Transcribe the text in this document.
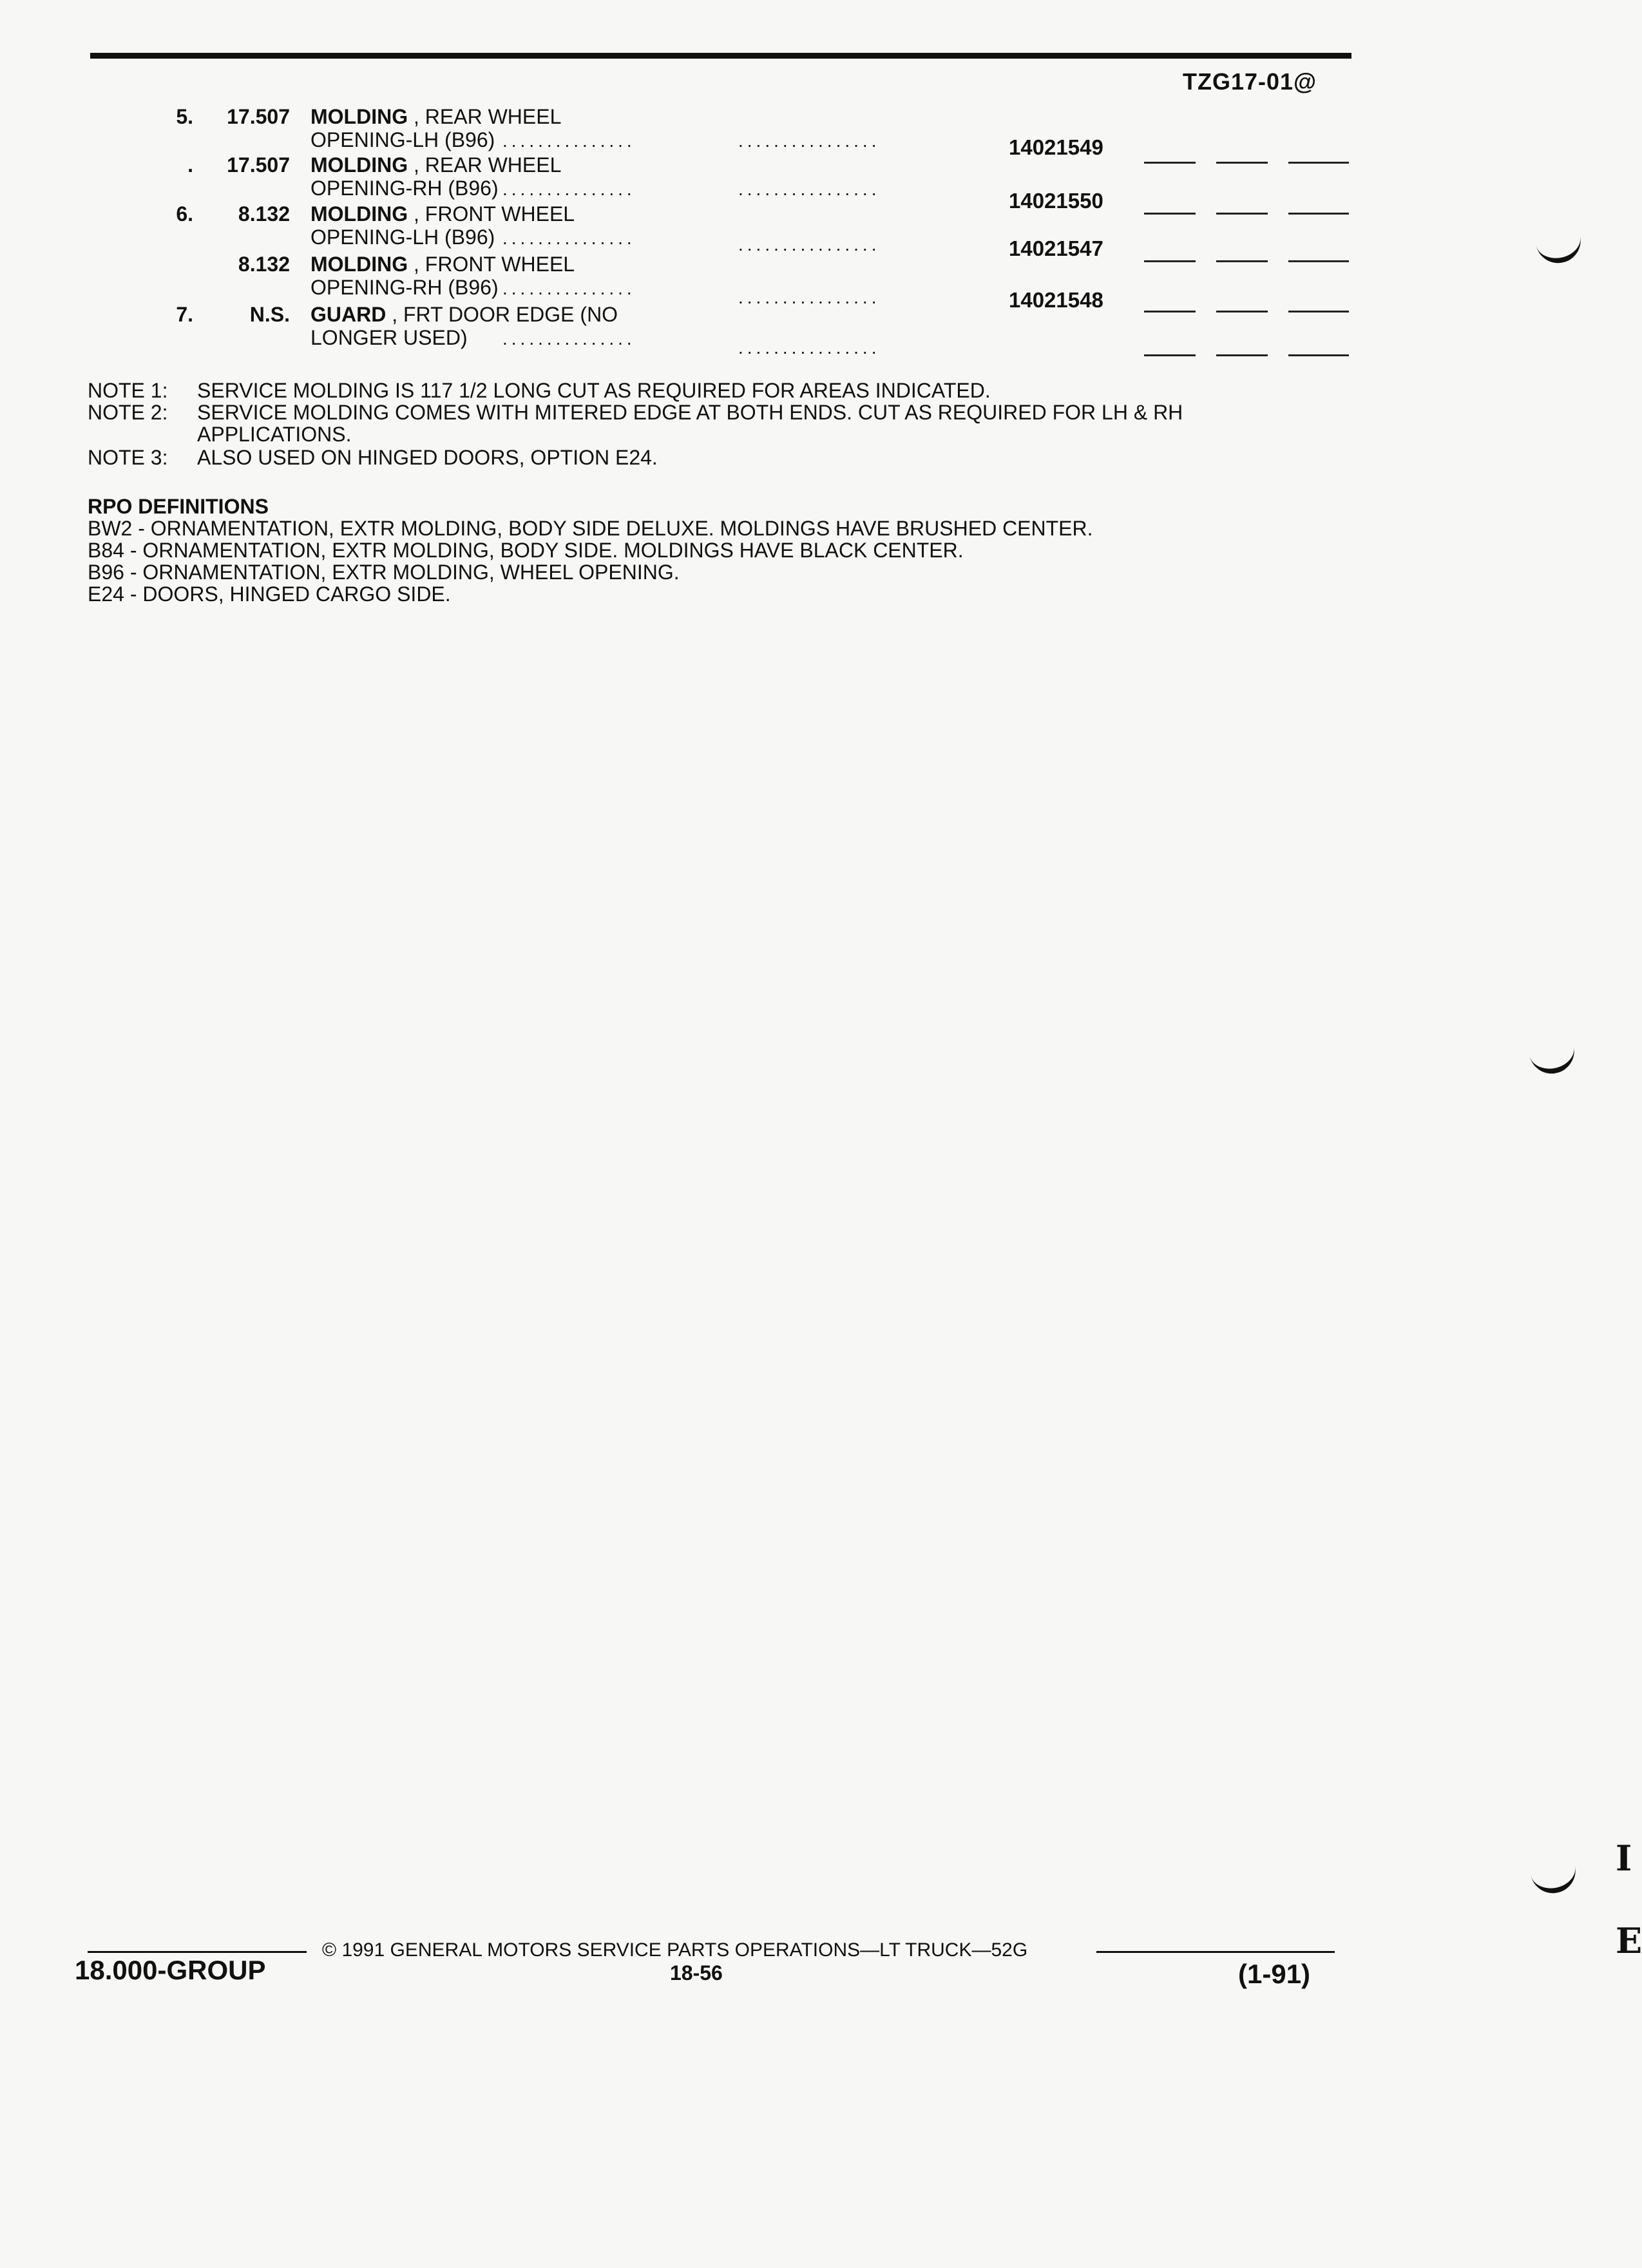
TZG17-01@
5.	17.507 MOLDING , REAR WHEEL
OPENING-LH (B96) ...............	................	14021549
.	17.507 MOLDING , REAR WHEEL
OPENING-RH (B96) ...............	................	14021550
6.	8.132 MOLDING , FRONT WHEEL
OPENING-LH (B96) ...............	................	14021547
8.132 MOLDING , FRONT WHEEL
OPENING-RH (B96) ...............	................	14021548
7.	N.S. GUARD , FRT DOOR EDGE (NO
LONGER USED) ...............	................
NOTE 1: SERVICE MOLDING IS 117 1/2 LONG CUT AS REQUIRED FOR AREAS INDICATED.
NOTE 2: SERVICE MOLDING COMES WITH MITERED EDGE AT BOTH ENDS. CUT AS REQUIRED FOR LH & RH
APPLICATIONS.
NOTE 3: ALSO USED ON HINGED DOORS, OPTION E24.
RPO DEFINITIONS
BW2 - ORNAMENTATION, EXTR MOLDING, BODY SIDE DELUXE. MOLDINGS HAVE BRUSHED CENTER.
B84 - ORNAMENTATION, EXTR MOLDING, BODY SIDE. MOLDINGS HAVE BLACK CENTER.
B96 - ORNAMENTATION, EXTR MOLDING, WHEEL OPENING.
E24 - DOORS, HINGED CARGO SIDE.
I
E
© 1991 GENERAL MOTORS SERVICE PARTS OPERATIONS—LT TRUCK—52G
18.000-GROUP	18-56	(1-91)
